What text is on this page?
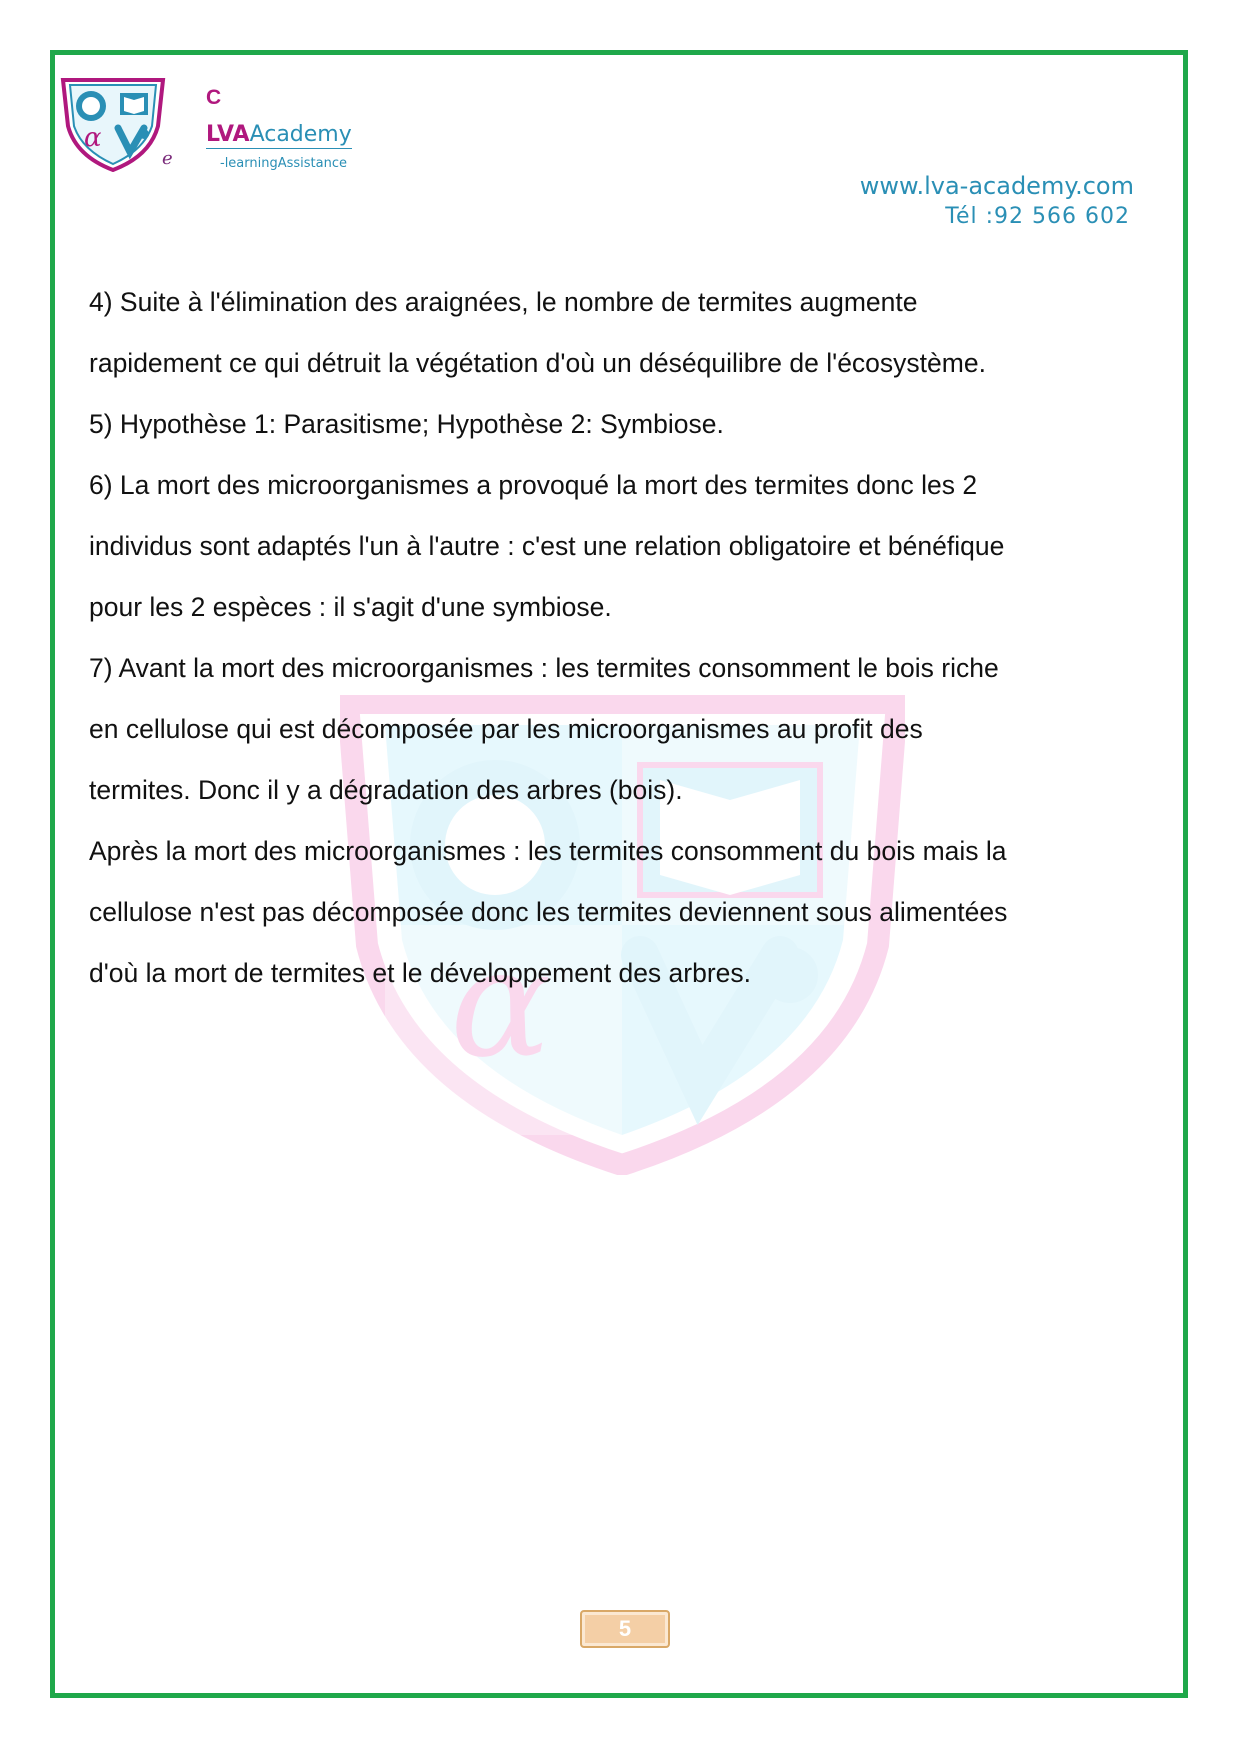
α
e
C
LVAAcademy
-learningAssistance
www.lva-academy.com
Tél :92 566 602
α

4) Suite à l'élimination des araignées, le nombre de termites augmente

rapidement ce qui détruit la végétation d'où un déséquilibre de l'écosystème.

5) Hypothèse 1: Parasitisme; Hypothèse 2: Symbiose.

6) La mort des microorganismes a provoqué la mort des termites donc les 2

individus sont adaptés l'un à l'autre : c'est une relation obligatoire et bénéfique

pour les 2 espèces : il s'agit d'une symbiose.

7) Avant la mort des microorganismes : les termites consomment le bois riche

en cellulose qui est décomposée par les microorganismes au profit des

termites. Donc il y a dégradation des arbres (bois).

Après la mort des microorganismes : les termites consomment du bois mais la

cellulose n'est pas décomposée donc les termites deviennent sous alimentées

d'où la mort de termites et le développement des arbres.

5
